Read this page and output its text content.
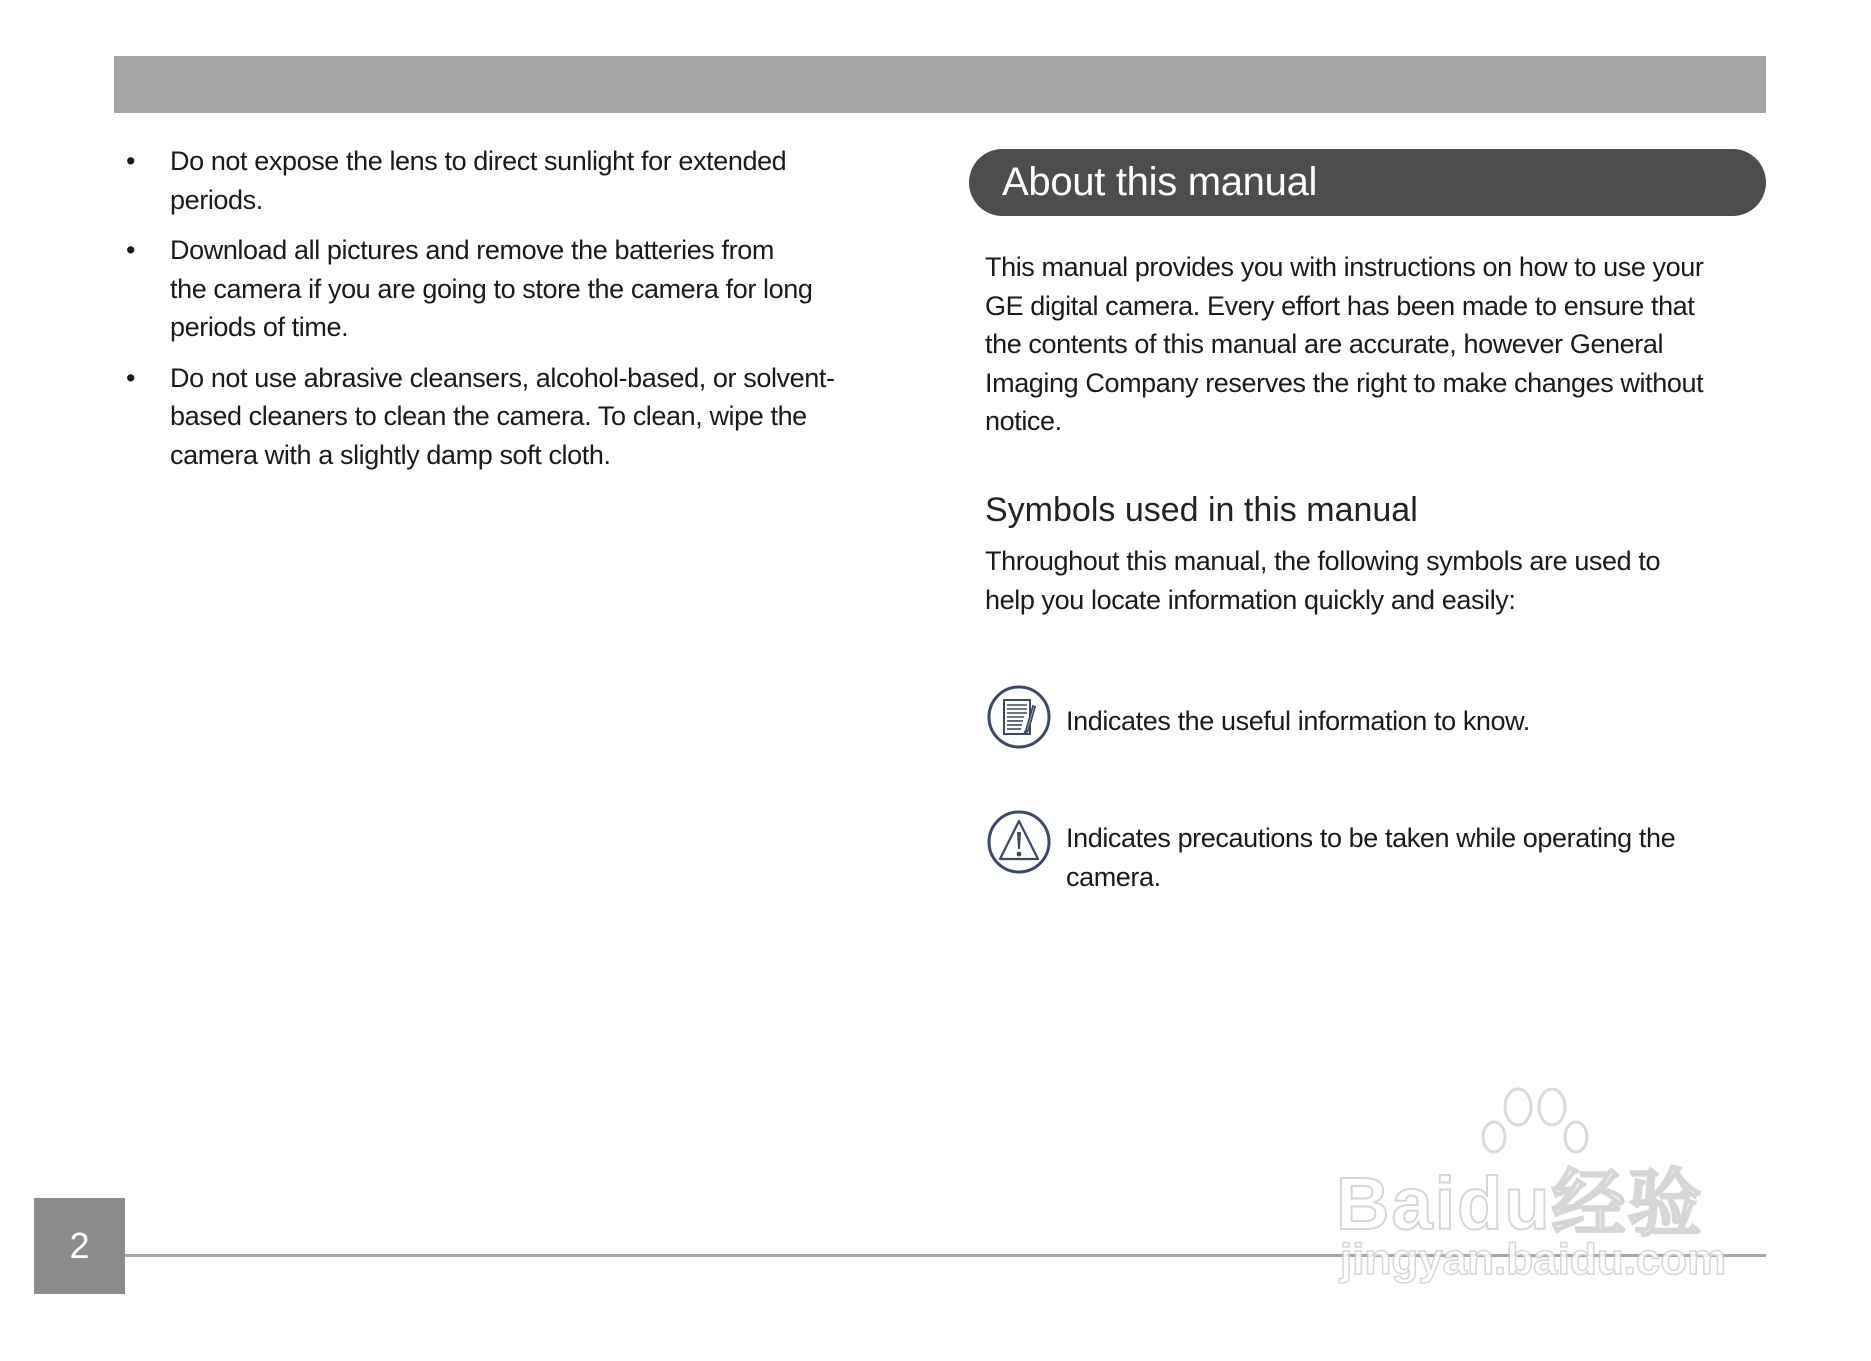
• Do not expose the lens to direct sunlight for extended
periods.
• Download all pictures and remove the batteries from
the camera if you are going to store the camera for long
periods of time.
• Do not use abrasive cleansers, alcohol-based, or solvent-
based cleaners to clean the camera. To clean, wipe the
camera with a slightly damp soft cloth.
About this manual
This manual provides you with instructions on how to use your
GE digital camera. Every effort has been made to ensure that
the contents of this manual are accurate, however General
Imaging Company reserves the right to make changes without
notice.
Symbols used in this manual
Throughout this manual, the following symbols are used to
help you locate information quickly and easily:
Indicates the useful information to know.
Indicates precautions to be taken while operating the
camera.
2
Baidu经验
jingyan.baidu.com
